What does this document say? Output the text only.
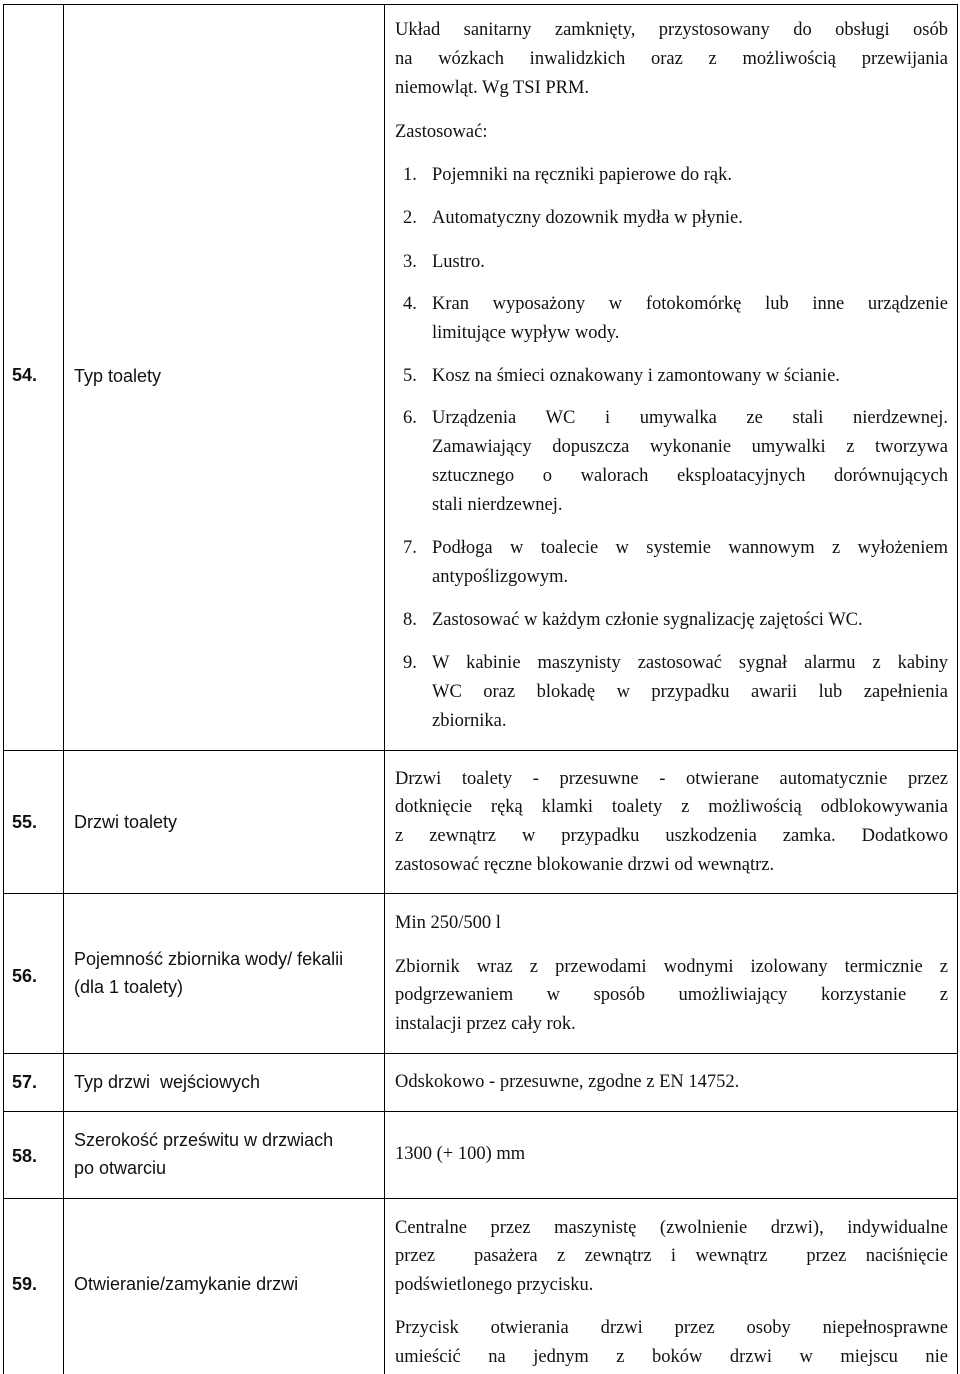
54. Typ toalety
Układ sanitarny zamknięty, przystosowany do obsługi osób
na wózkach inwalidzkich oraz z możliwością przewijania
niemowląt. Wg TSI PRM.
Zastosować:
1. Pojemniki na ręczniki papierowe do rąk.
2. Automatyczny dozownik mydła w płynie.
3. Lustro.
4. Kran wyposażony w fotokomórkę lub inne urządzenie
limitujące wypływ wody.
5. Kosz na śmieci oznakowany i zamontowany w ścianie.
6. Urządzenia WC i umywalka ze stali nierdzewnej.
Zamawiający dopuszcza wykonanie umywalki z tworzywa
sztucznego o walorach eksploatacyjnych dorównujących
stali nierdzewnej.
7. Podłoga w toalecie w systemie wannowym z wyłożeniem
antypoślizgowym.
8. Zastosować w każdym członie sygnalizację zajętości WC.
9. W kabinie maszynisty zastosować sygnał alarmu z kabiny
WC oraz blokadę w przypadku awarii lub zapełnienia
zbiornika.
55. Drzwi toalety
Drzwi toalety - przesuwne - otwierane automatycznie przez
dotknięcie ręką klamki toalety z możliwością odblokowywania
z zewnątrz w przypadku uszkodzenia zamka. Dodatkowo
zastosować ręczne blokowanie drzwi od wewnątrz.
56.
Pojemność zbiornika wody/ fekalii
(dla 1 toalety)
Min 250/500 l
Zbiornik wraz z przewodami wodnymi izolowany termicznie z
podgrzewaniem w sposób umożliwiający korzystanie z
instalacji przez cały rok.
57. Typ drzwi  wejściowych	Odskokowo - przesuwne, zgodne z EN 14752.
58.
Szerokość prześwitu w drzwiach
po otwarciu
1300 (+ 100) mm
59. Otwieranie/zamykanie drzwi
Centralne przez maszynistę (zwolnienie drzwi), indywidualne
przez  pasażera z zewnątrz i wewnątrz  przez naciśnięcie
podświetlonego przycisku.
Przycisk otwierania drzwi przez osoby niepełnosprawne
umieścić na jednym z boków drzwi w miejscu nie
